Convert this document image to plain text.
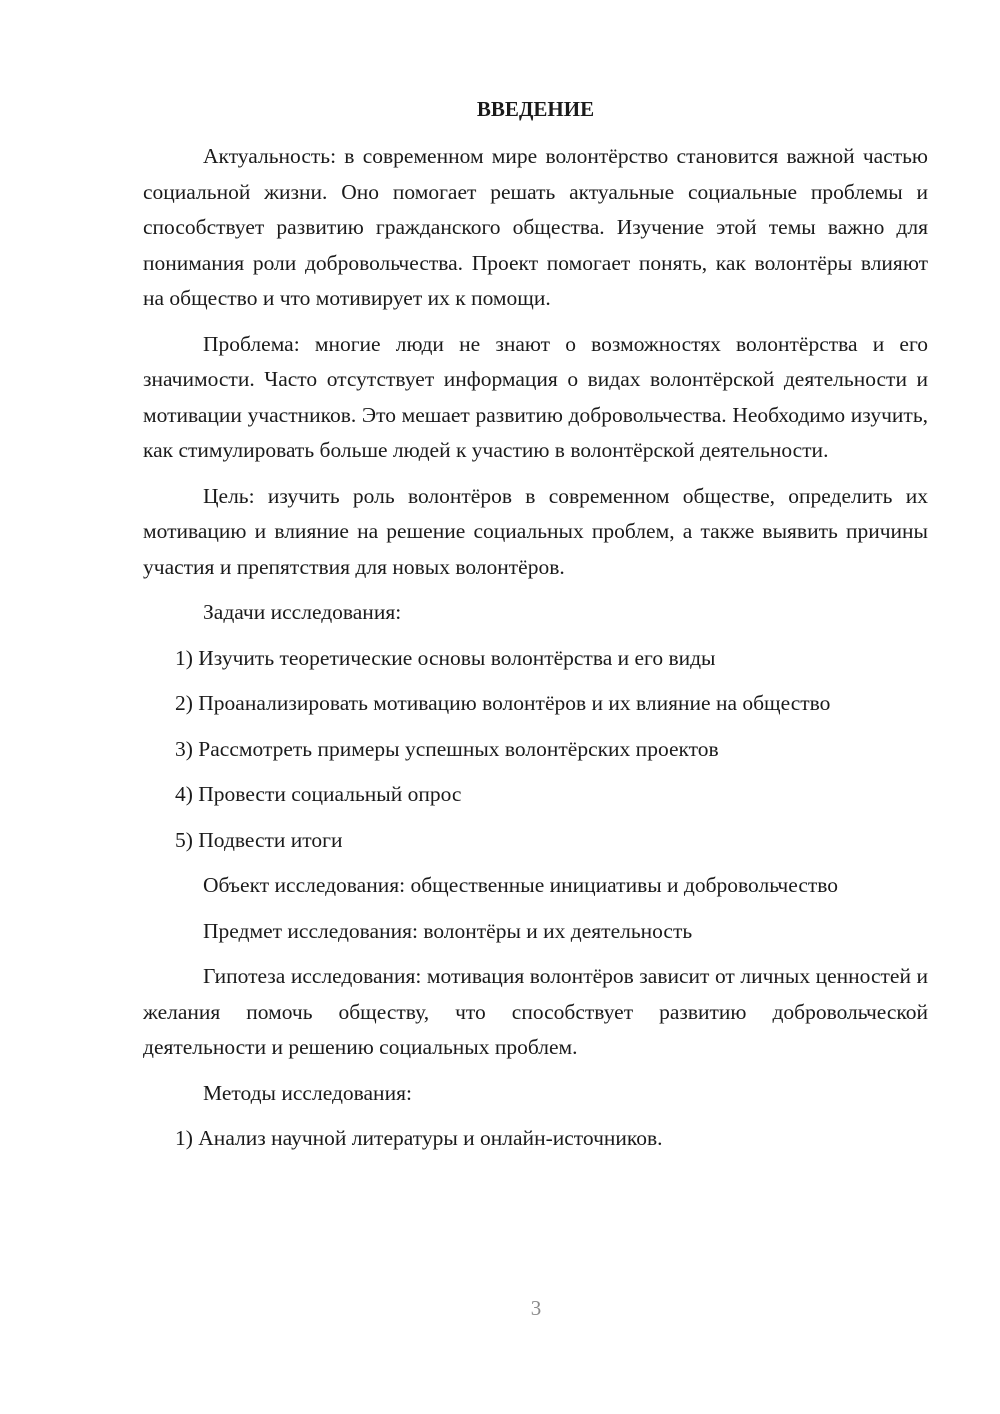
ВВЕДЕНИЕ

Актуальность: в современном мире волонтёрство становится важной частью социальной жизни. Оно помогает решать актуальные социальные проблемы и способствует развитию гражданского общества. Изучение этой темы важно для понимания роли добровольчества. Проект помогает понять, как волонтёры влияют на общество и что мотивирует их к помощи.

Проблема: многие люди не знают о возможностях волонтёрства и его значимости. Часто отсутствует информация о видах волонтёрской деятельности и мотивации участников. Это мешает развитию добровольчества. Необходимо изучить, как стимулировать больше людей к участию в волонтёрской деятельности.

Цель: изучить роль волонтёров в современном обществе, определить их мотивацию и влияние на решение социальных проблем, а также выявить причины участия и препятствия для новых волонтёров.

Задачи исследования:

1) Изучить теоретические основы волонтёрства и его виды

2) Проанализировать мотивацию волонтёров и их влияние на общество

3) Рассмотреть примеры успешных волонтёрских проектов

4) Провести социальный опрос

5) Подвести итоги

Объект исследования: общественные инициативы и добровольчество

Предмет исследования: волонтёры и их деятельность

Гипотеза исследования: мотивация волонтёров зависит от личных ценностей и желания помочь обществу, что способствует развитию добровольческой деятельности и решению социальных проблем.

Методы исследования:

1) Анализ научной литературы и онлайн-источников.

3
